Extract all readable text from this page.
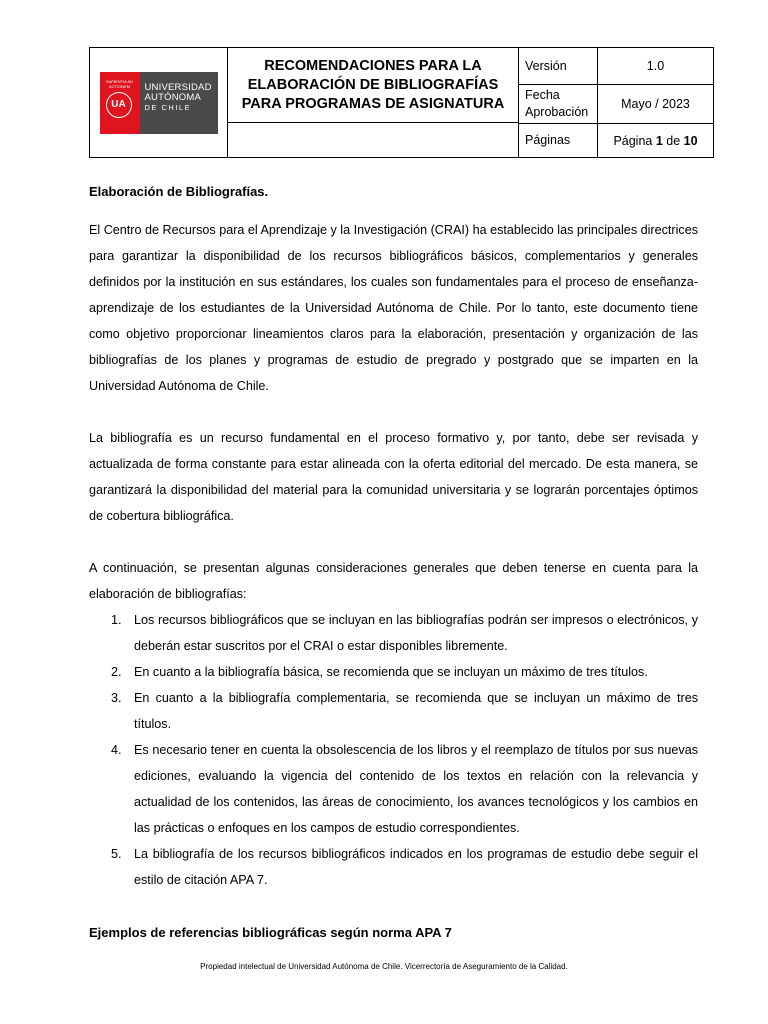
SAPIENTIA AD ACTIONEM
UA
UNIVERSIDAD
AUTÓNOMA
DE CHILE
RECOMENDACIONES PARA LA ELABORACIÓN DE BIBLIOGRAFÍAS PARA PROGRAMAS DE ASIGNATURA
Versión	1.0
Fecha Aprobación
Mayo / 2023
Páginas	Página 1 de 10
Elaboración de Bibliografías.
El Centro de Recursos para el Aprendizaje y la Investigación (CRAI) ha establecido las principales directrices para garantizar la disponibilidad de los recursos bibliográficos básicos, complementarios y generales definidos por la institución en sus estándares, los cuales son fundamentales para el proceso de enseñanza-aprendizaje de los estudiantes de la Universidad Autónoma de Chile. Por lo tanto, este documento tiene como objetivo proporcionar lineamientos claros para la elaboración, presentación y organización de las bibliografías de los planes y programas de estudio de pregrado y postgrado que se imparten en la Universidad Autónoma de Chile.
La bibliografía es un recurso fundamental en el proceso formativo y, por tanto, debe ser revisada y actualizada de forma constante para estar alineada con la oferta editorial del mercado. De esta manera, se garantizará la disponibilidad del material para la comunidad universitaria y se lograrán porcentajes óptimos de cobertura bibliográfica.
A continuación, se presentan algunas consideraciones generales que deben tenerse en cuenta para la elaboración de bibliografías:
1. Los recursos bibliográficos que se incluyan en las bibliografías podrán ser impresos o electrónicos, y deberán estar suscritos por el CRAI o estar disponibles libremente.
2. En cuanto a la bibliografía básica, se recomienda que se incluyan un máximo de tres títulos.
3. En cuanto a la bibliografía complementaria, se recomienda que se incluyan un máximo de tres títulos.
4. Es necesario tener en cuenta la obsolescencia de los libros y el reemplazo de títulos por sus nuevas ediciones, evaluando la vigencia del contenido de los textos en relación con la relevancia y actualidad de los contenidos, las áreas de conocimiento, los avances tecnológicos y los cambios en las prácticas o enfoques en los campos de estudio correspondientes.
5. La bibliografía de los recursos bibliográficos indicados en los programas de estudio debe seguir el estilo de citación APA 7.
Ejemplos de referencias bibliográficas según norma APA 7
Propiedad intelectual de Universidad Autónoma de Chile. Vicerrectoría de Aseguramiento de la Calidad.
